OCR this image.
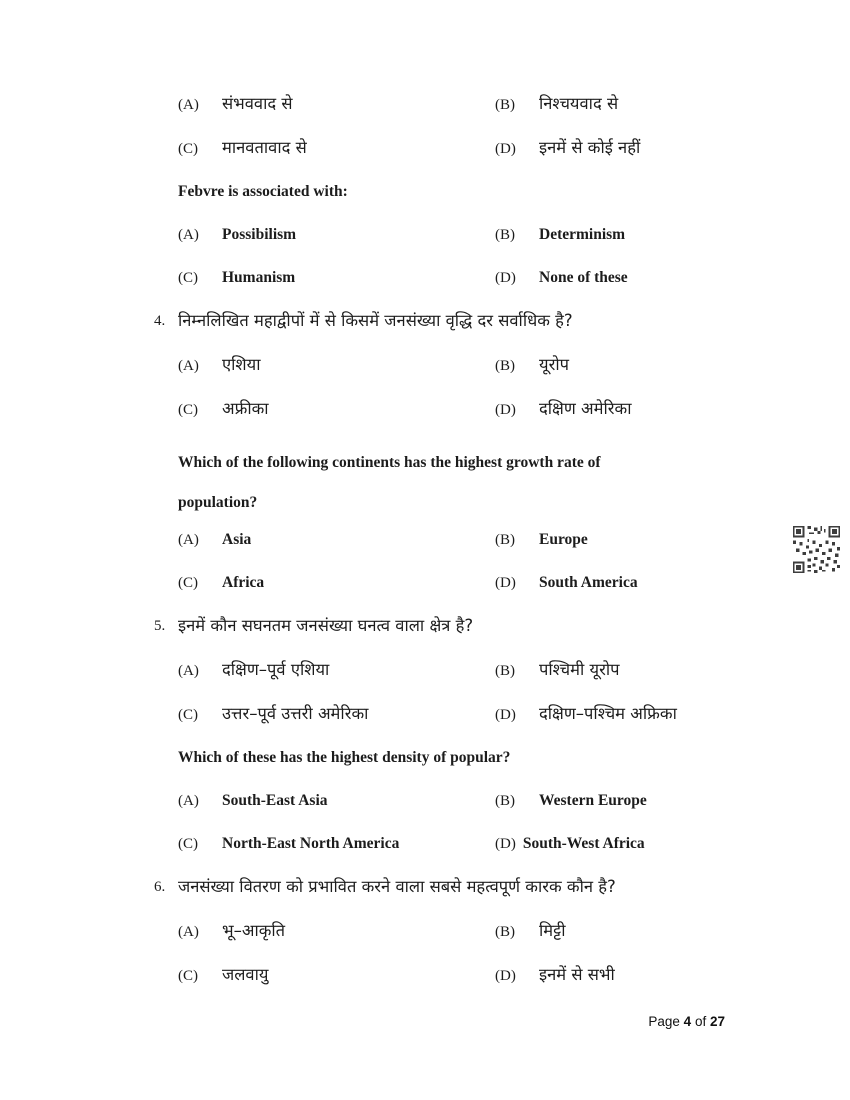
(A)	संभववाद से	(B)	निश्चयवाद से
(C)	मानवतावाद से	(D)	इनमें से कोई नहीं
Febvre is associated with:
(A)	Possibilism	(B)	Determinism
(C)	Humanism	(D)	None of these
4. निम्नलिखित महाद्वीपों में से किसमें जनसंख्या वृद्धि दर सर्वाधिक है?
(A)	एशिया	(B)	यूरोप
(C)	अफ्रीका	(D)	दक्षिण अमेरिका
Which of the following continents has the highest growth rate of population?
(A)	Asia	(B)	Europe
(C)	Africa	(D)	South America
5. इनमें कौन सघनतम जनसंख्या घनत्व वाला क्षेत्र है?
(A)	दक्षिण–पूर्व एशिया	(B)	पश्चिमी यूरोप
(C)	उत्तर–पूर्व उत्तरी अमेरिका	(D)	दक्षिण–पश्चिम अफ्रिका
Which of these has the highest density of popular?
(A)	South-East Asia	(B)	Western Europe
(C)	North-East North America	(D) South-West Africa
6. जनसंख्या वितरण को प्रभावित करने वाला सबसे महत्वपूर्ण कारक कौन है?
(A)	भू–आकृति	(B)	मिट्टी
(C)	जलवायु	(D)	इनमें से सभी
Page 4 of 27
